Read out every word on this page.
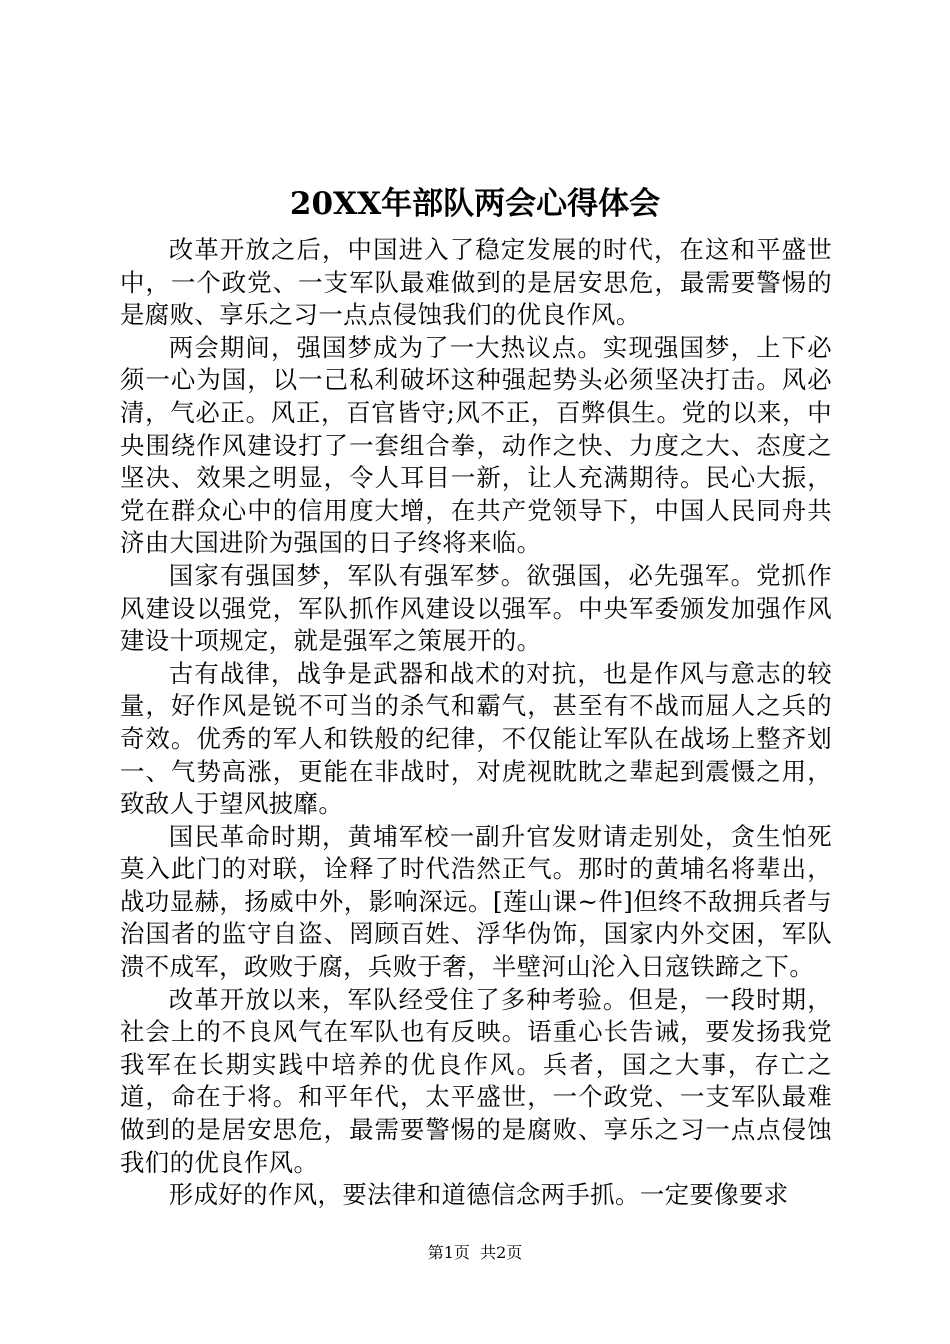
20XX年部队两会心得体会

改革开放之后，中国进入了稳定发展的时代，在这和平盛世中，一个政党、一支军队最难做到的是居安思危，最需要警惕的是腐败、享乐之习一点点侵蚀我们的优良作风。

两会期间，强国梦成为了一大热议点。实现强国梦，上下必须一心为国，以一己私利破坏这种强起势头必须坚决打击。风必清，气必正。风正，百官皆守;风不正，百弊俱生。党的以来，中央围绕作风建设打了一套组合拳，动作之快、力度之大、态度之坚决、效果之明显，令人耳目一新，让人充满期待。民心大振，党在群众心中的信用度大增，在共产党领导下，中国人民同舟共济由大国进阶为强国的日子终将来临。

国家有强国梦，军队有强军梦。欲强国，必先强军。党抓作风建设以强党，军队抓作风建设以强军。中央军委颁发加强作风建设十项规定，就是强军之策展开的。

古有战律，战争是武器和战术的对抗，也是作风与意志的较量，好作风是锐不可当的杀气和霸气，甚至有不战而屈人之兵的奇效。优秀的军人和铁般的纪律，不仅能让军队在战场上整齐划一、气势高涨，更能在非战时，对虎视眈眈之辈起到震慑之用，致敌人于望风披靡。

国民革命时期，黄埔军校一副升官发财请走别处，贪生怕死莫入此门的对联，诠释了时代浩然正气。那时的黄埔名将辈出，战功显赫，扬威中外，影响深远。[莲山课~件]但终不敌拥兵者与治国者的监守自盗、罔顾百姓、浮华伪饰，国家内外交困，军队溃不成军，政败于腐，兵败于奢，半壁河山沦入日寇铁蹄之下。

改革开放以来，军队经受住了多种考验。但是，一段时期，社会上的不良风气在军队也有反映。语重心长告诫，要发扬我党我军在长期实践中培养的优良作风。兵者，国之大事，存亡之道，命在于将。和平年代，太平盛世，一个政党、一支军队最难做到的是居安思危，最需要警惕的是腐败、享乐之习一点点侵蚀我们的优良作风。

形成好的作风，要法律和道德信念两手抓。一定要像要求

第1页 共2页
